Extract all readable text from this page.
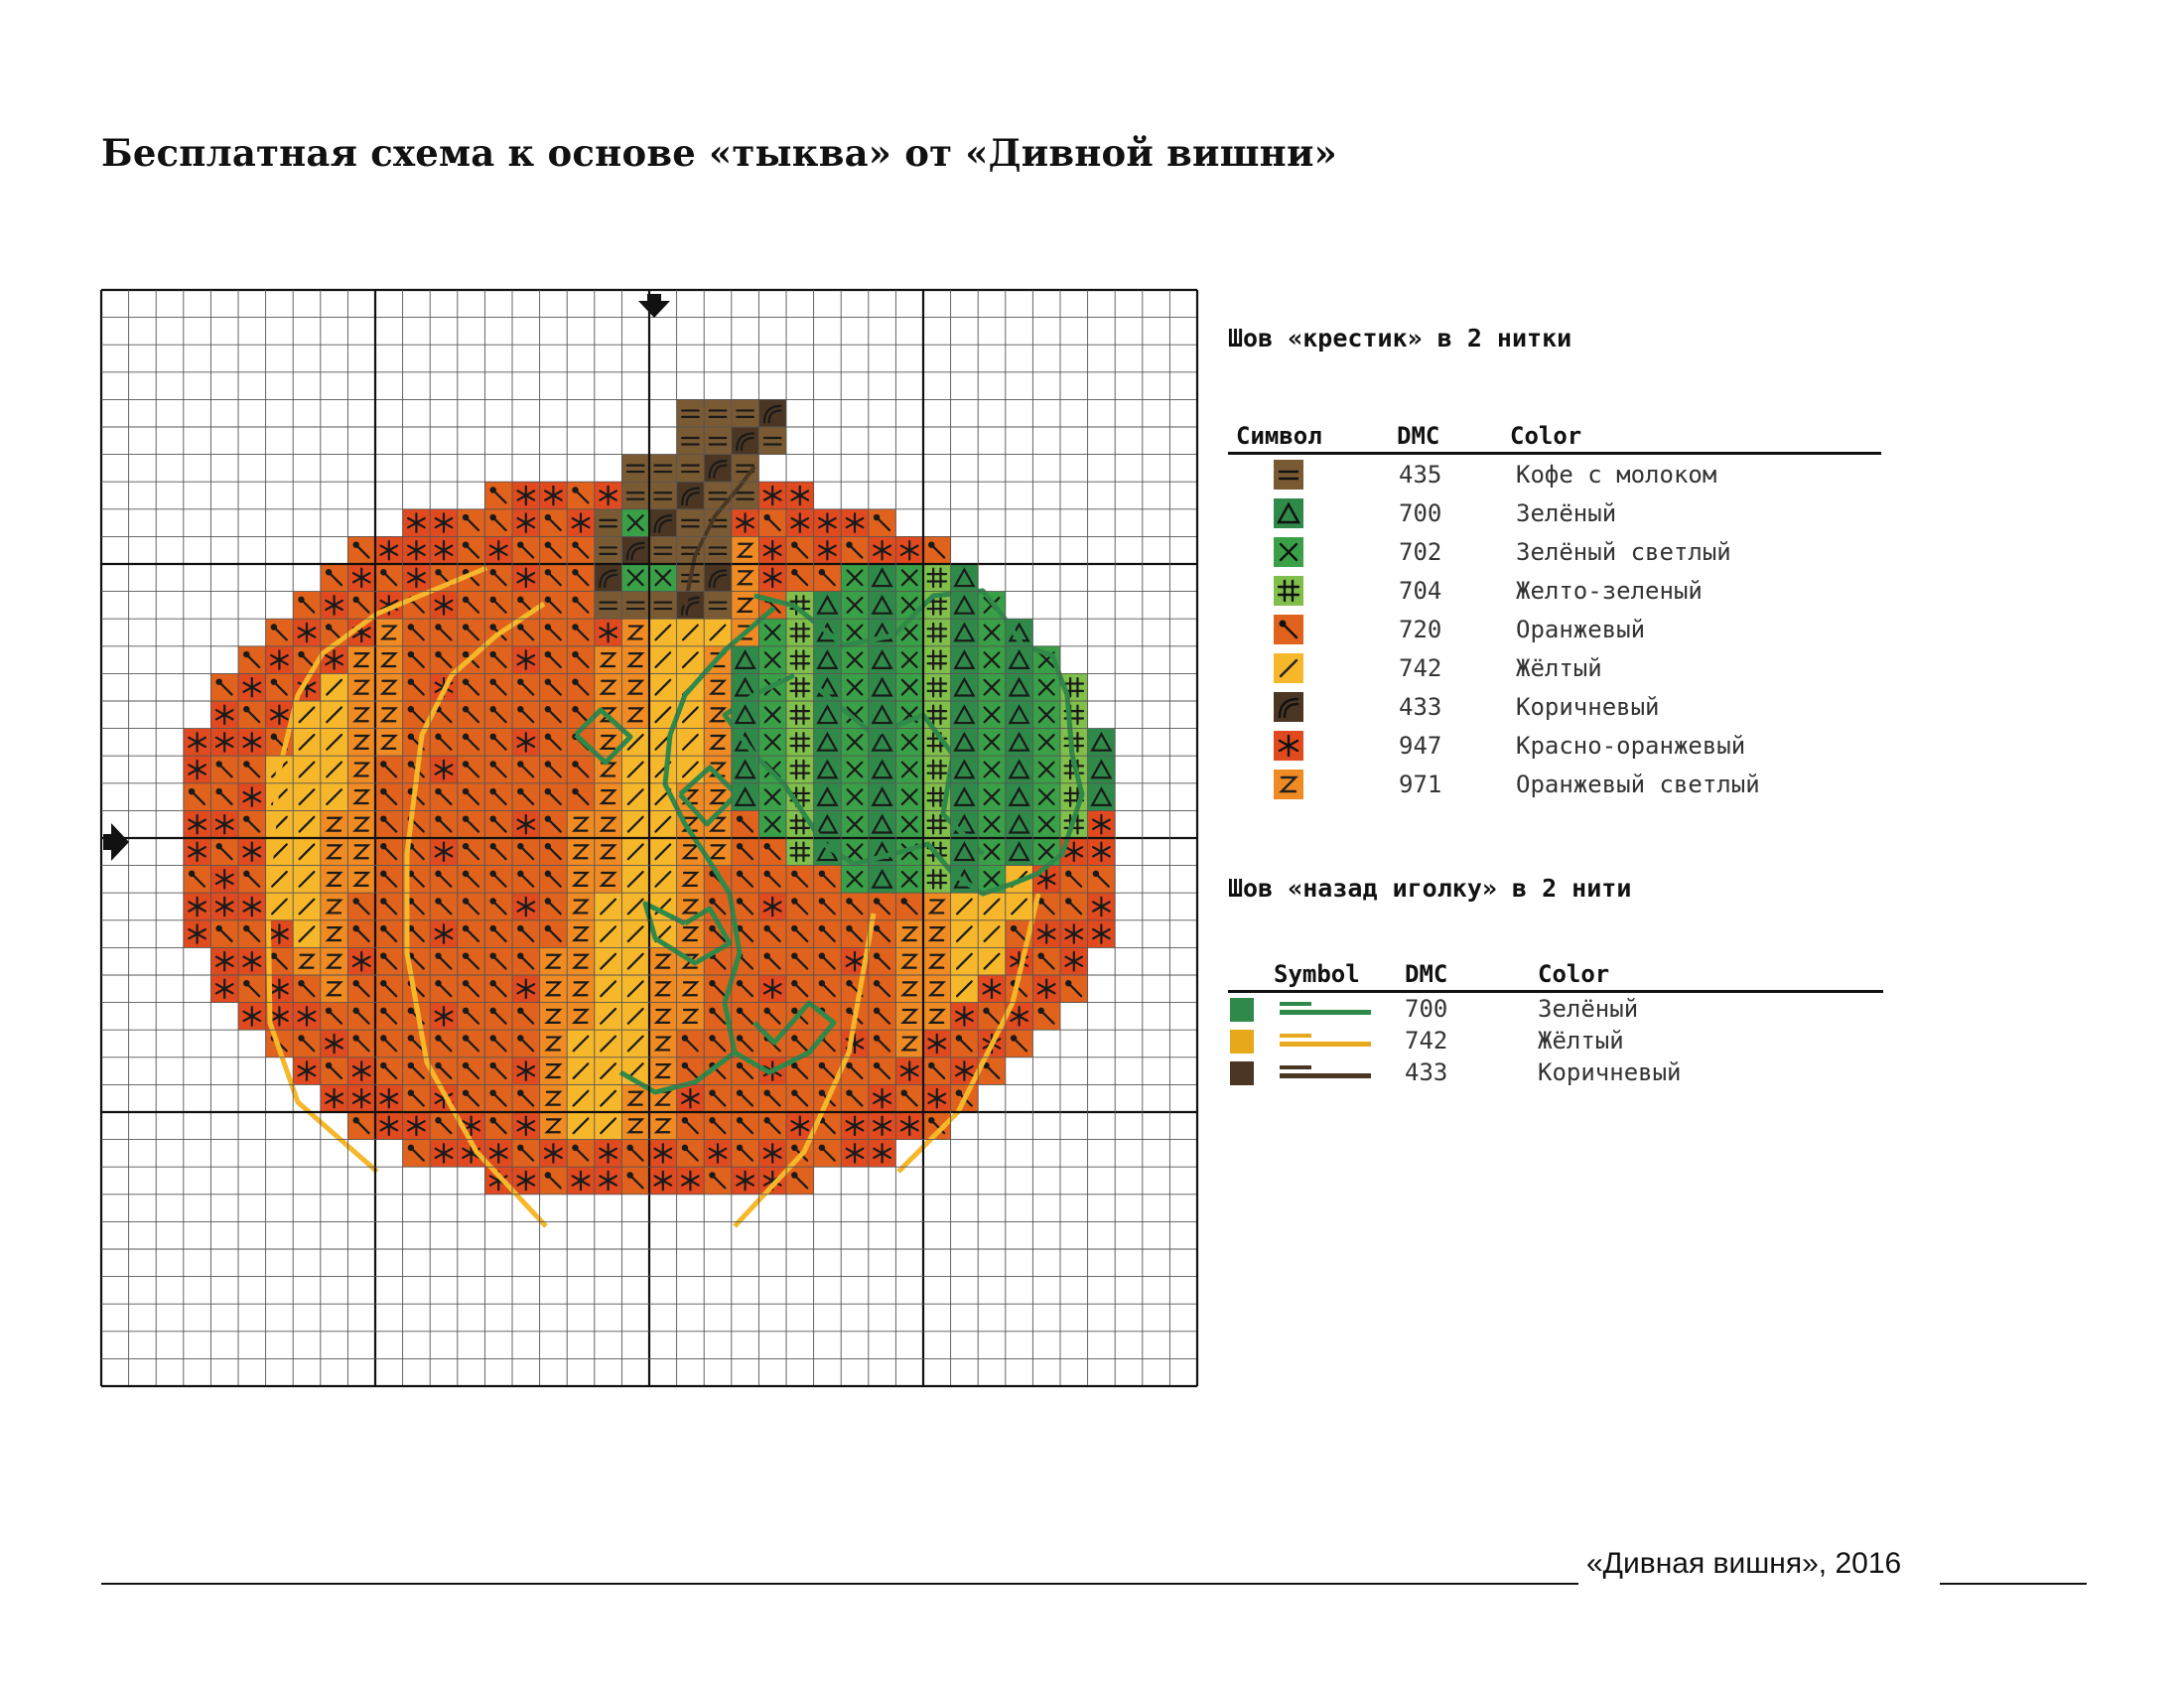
Бесплатная схема к основе «тыква» от «Дивной вишни»
Шов «крестик» в 2 нитки
Символ	DMC	Color
	435	Кофе с молоком
	700	Зелёный
	702	Зелёный светлый
	704	Желто-зеленый
	720	Оранжевый
	742	Жёлтый
	433	Коричневый
	947	Красно-оранжевый
	971	Оранжевый светлый
Шов «назад иголку» в 2 нити
Symbol		DMC	Color

	700	Зелёный

	742	Жёлтый

	433	Коричневый

«Дивная вишня», 2016
